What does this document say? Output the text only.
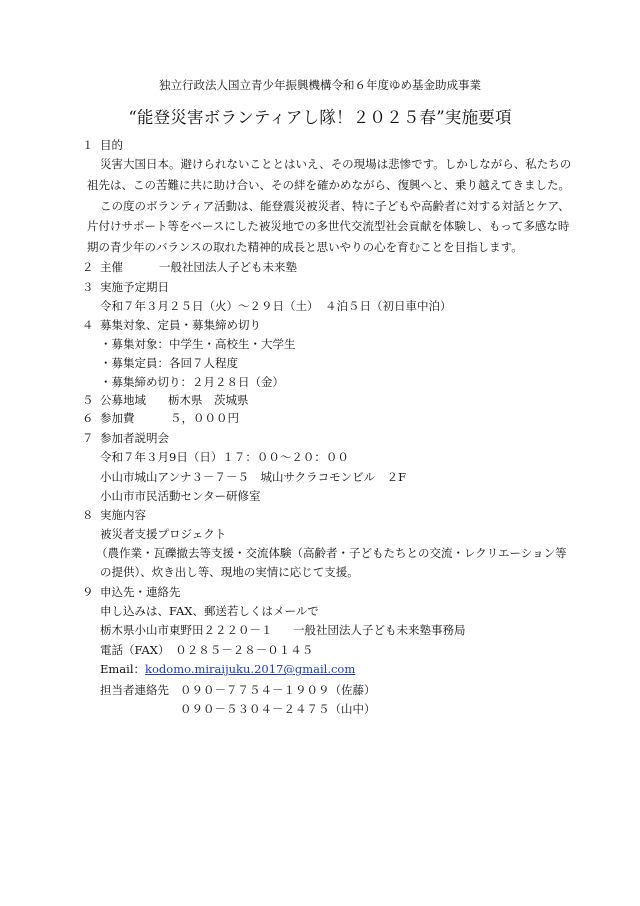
独立行政法人国立青少年振興機構令和６年度ゆめ基金助成事業
“能登災害ボランティアし隊！２０２５春”実施要項
１ 目的
災害大国日本。避けられないこととはいえ、その現場は悲惨です。しかしながら、私たちの
祖先は、この苦難に共に助け合い、その絆を確かめながら、復興へと、乗り越えてきました。
この度のボランティア活動は、能登震災被災者、特に子どもや高齢者に対する対話とケア、
片付けサポート等をベースにした被災地での多世代交流型社会貢献を体験し、もって多感な時
期の青少年のバランスの取れた精神的成長と思いやりの心を育むことを目指します。
２ 主催	一般社団法人子ども未来塾
３ 実施予定期日
令和７年３月２５日（火）～２９日（土） ４泊５日（初日車中泊）
４ 募集対象、定員・募集締め切り
・募集対象：中学生・高校生・大学生
・募集定員：各回７人程度
・募集締め切り：２月２８日（金）
５ 公募地域 栃木県　茨城県
６ 参加費	５，０００円
７ 参加者説明会
令和７年３月9日（日）１７：００～２０：００
小山市城山アンナ３－７－５　城山サクラコモンビル　２F
小山市市民活動センター研修室
８ 実施内容
被災者支援プロジェクト
（農作業・瓦礫撤去等支援・交流体験（高齢者・子どもたちとの交流・レクリエーション等
の提供）、炊き出し等、現地の実情に応じて支援。
９ 申込先・連絡先
申し込みは、FAX、郵送若しくはメールで
栃木県小山市東野田２２２０－１ 一般社団法人子ども未来塾事務局
電話（FAX）　０２８５－２８－０１４５
Email：kodomo.miraijuku.2017@gmail.com
担当者連絡先 ０９０－７７５４－１９０９（佐藤）
０９０－５３０４－２４７５（山中）
